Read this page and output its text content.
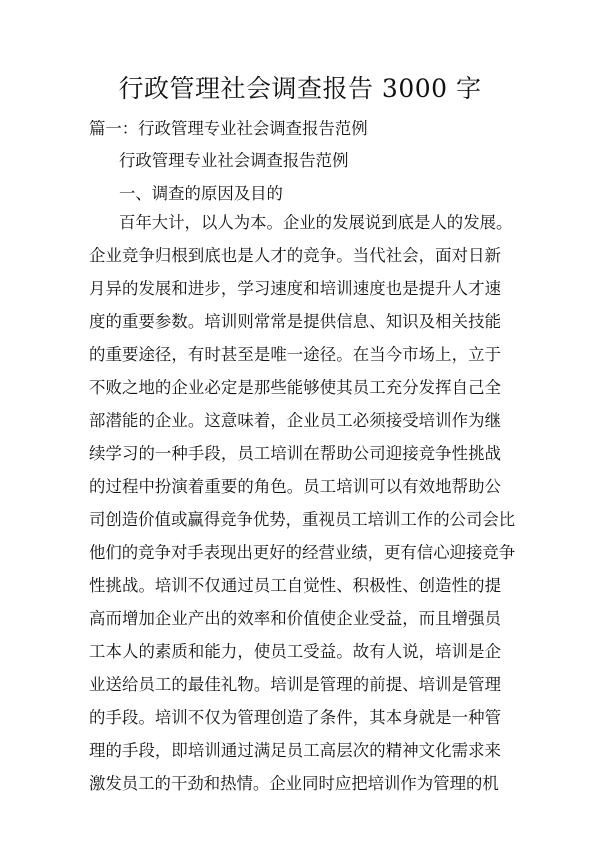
行政管理社会调查报告 3000 字

篇一：行政管理专业社会调查报告范例

行政管理专业社会调查报告范例

一、调查的原因及目的

百年大计，以人为本。企业的发展说到底是人的发展。
企业竞争归根到底也是人才的竞争。当代社会，面对日新
月异的发展和进步，学习速度和培训速度也是提升人才速
度的重要参数。培训则常常是提供信息、知识及相关技能
的重要途径，有时甚至是唯一途径。在当今市场上，立于
不败之地的企业必定是那些能够使其员工充分发挥自己全
部潜能的企业。这意味着，企业员工必须接受培训作为继
续学习的一种手段，员工培训在帮助公司迎接竞争性挑战
的过程中扮演着重要的角色。员工培训可以有效地帮助公
司创造价值或赢得竞争优势，重视员工培训工作的公司会比
他们的竞争对手表现出更好的经营业绩，更有信心迎接竞争
性挑战。培训不仅通过员工自觉性、积极性、创造性的提
高而增加企业产出的效率和价值使企业受益，而且增强员
工本人的素质和能力，使员工受益。故有人说，培训是企
业送给员工的最佳礼物。培训是管理的前提、培训是管理
的手段。培训不仅为管理创造了条件，其本身就是一种管
理的手段，即培训通过满足员工高层次的精神文化需求来
激发员工的干劲和热情。企业同时应把培训作为管理的机
